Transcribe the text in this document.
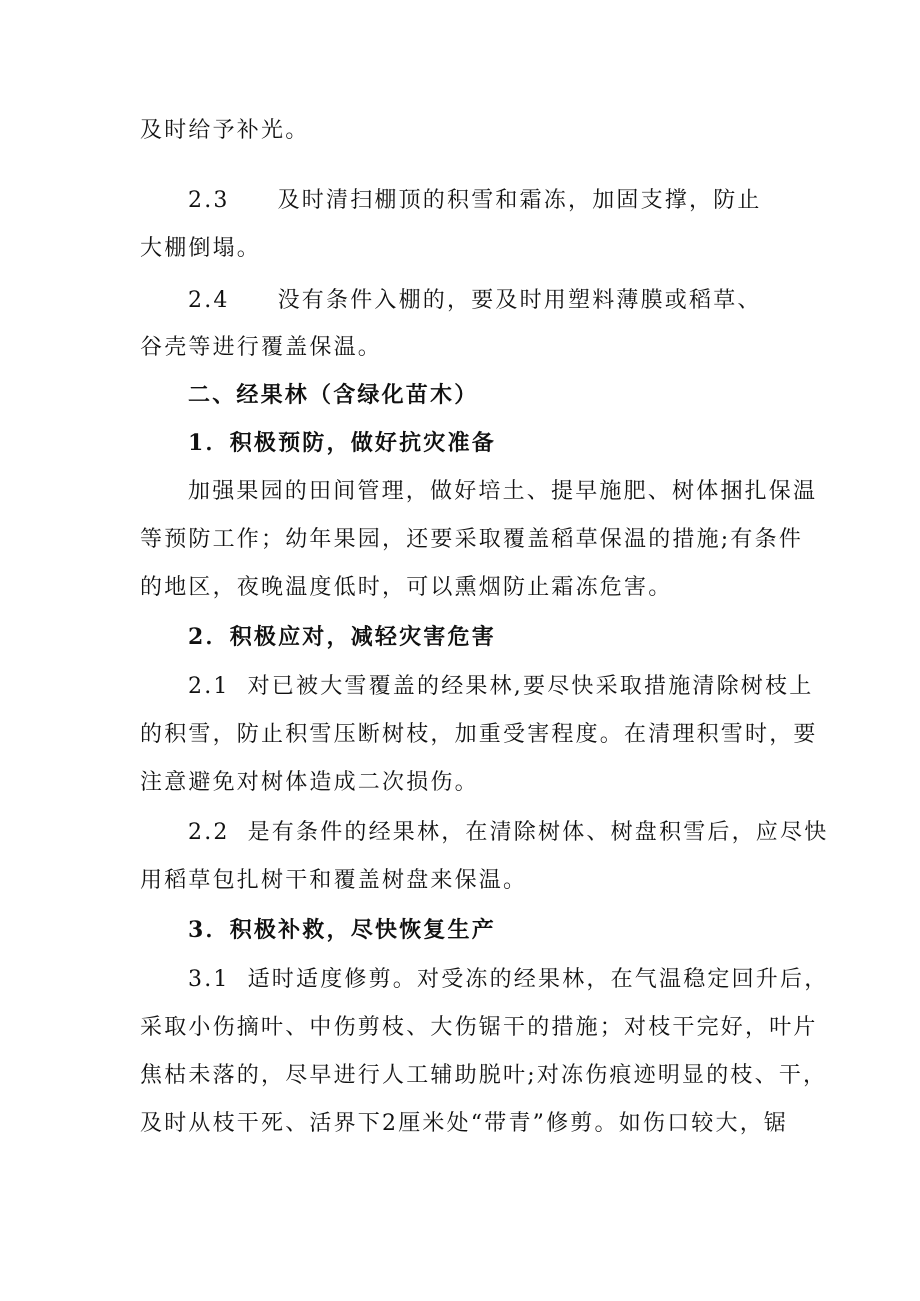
及时给予补光。
2.3 及时清扫棚顶的积雪和霜冻，加固支撑，防止
大棚倒塌。
2.4 没有条件入棚的，要及时用塑料薄膜或稻草、
谷壳等进行覆盖保温。
二、经果林（含绿化苗木）
1．积极预防，做好抗灾准备
加强果园的田间管理，做好培土、提早施肥、树体捆扎保温
等预防工作；幼年果园，还要采取覆盖稻草保温的措施;有条件
的地区，夜晚温度低时，可以熏烟防止霜冻危害。
2．积极应对，减轻灾害危害
2.1 对已被大雪覆盖的经果林,要尽快采取措施清除树枝上
的积雪，防止积雪压断树枝，加重受害程度。在清理积雪时，要
注意避免对树体造成二次损伤。
2.2 是有条件的经果林，在清除树体、树盘积雪后，应尽快
用稻草包扎树干和覆盖树盘来保温。
3．积极补救，尽快恢复生产
3.1 适时适度修剪。对受冻的经果林，在气温稳定回升后，
采取小伤摘叶、中伤剪枝、大伤锯干的措施；对枝干完好，叶片
焦枯未落的，尽早进行人工辅助脱叶;对冻伤痕迹明显的枝、干，
及时从枝干死、活界下2厘米处“带青”修剪。如伤口较大，锯
